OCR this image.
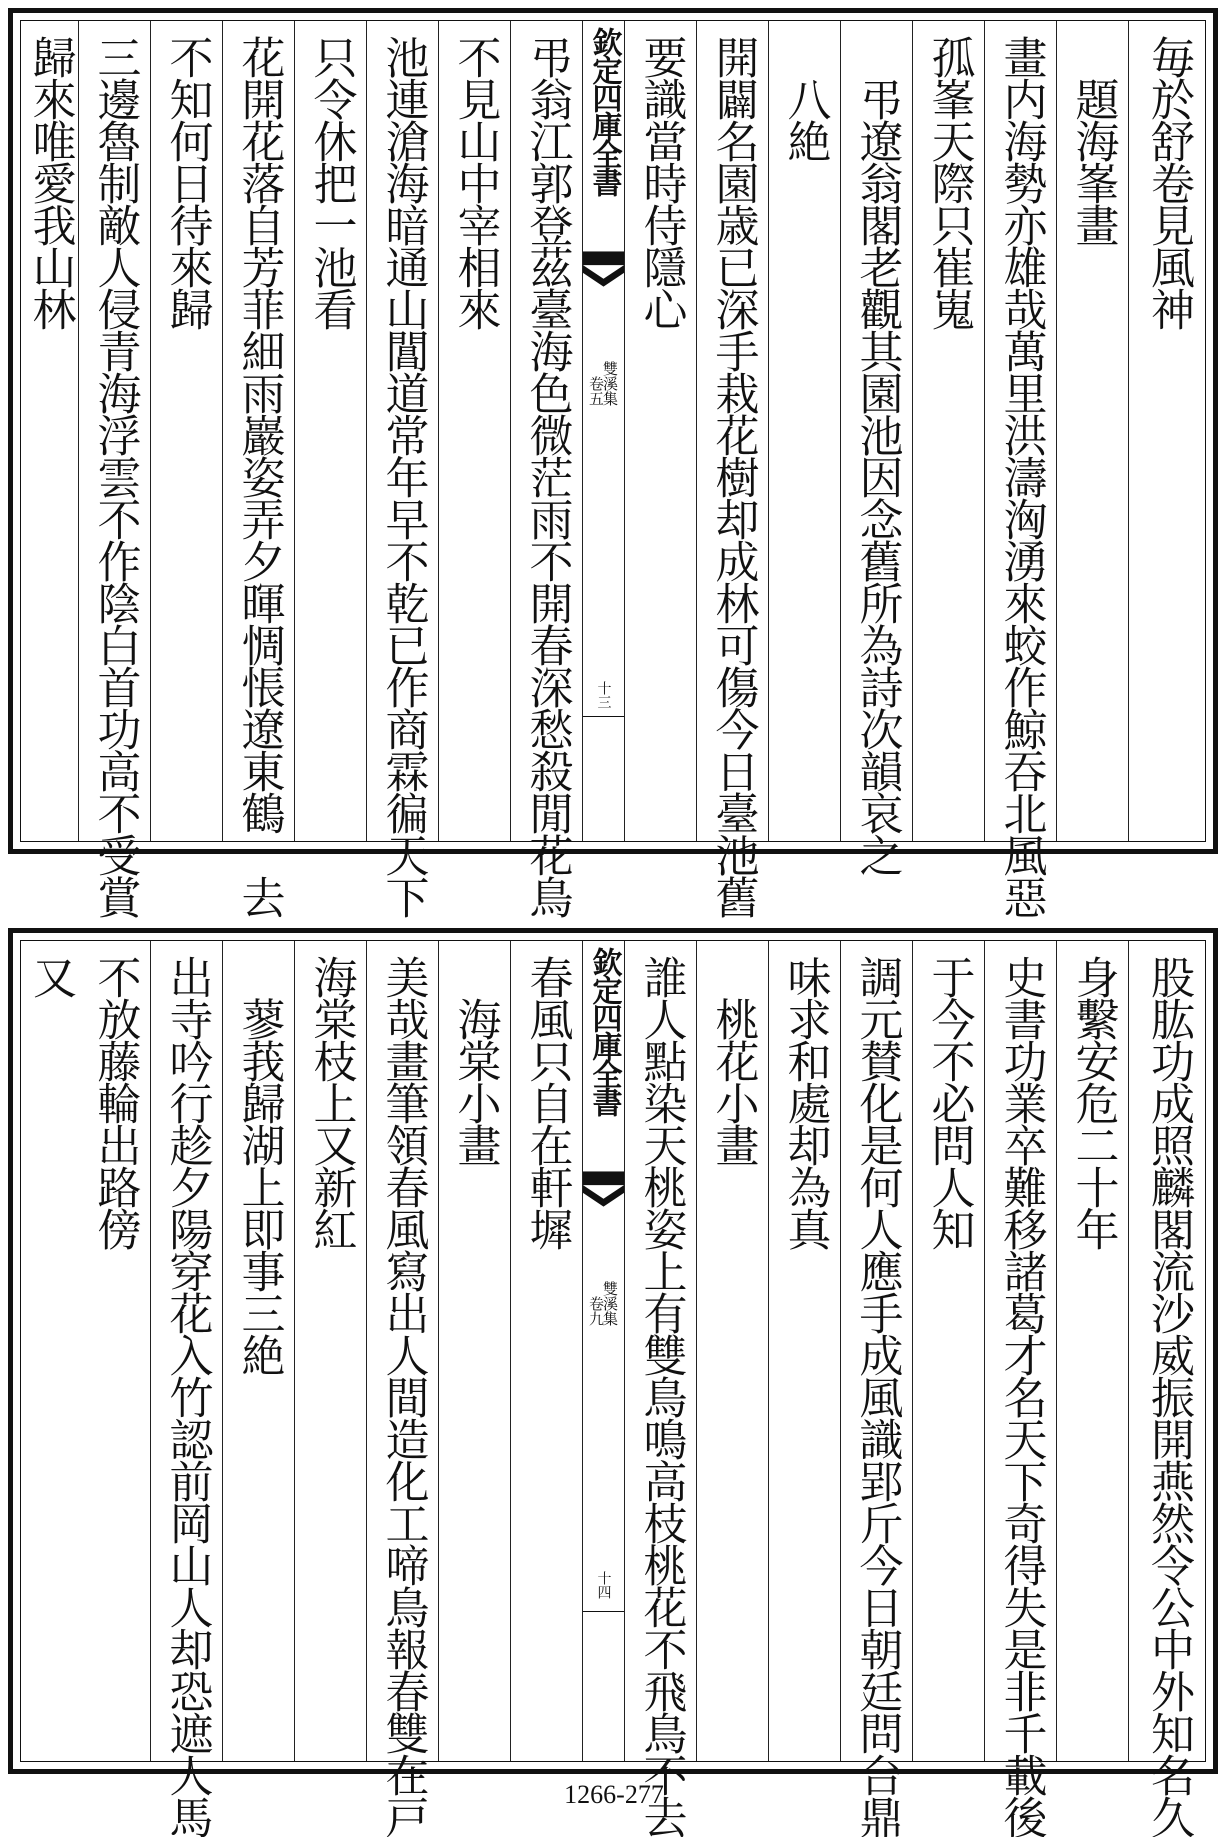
毎於舒卷見風神
　題海峯畫
畫内海勢亦雄哉萬里洪濤洶湧來蛟作鯨吞北風惡
孤峯天際只崔嵬
　弔遼翁閣老觀其園池因念舊所為詩次韻哀之
　八絶
開闢名園歳已深手栽花樹却成林可傷今日臺池舊
要識當時侍隱心
欽定四庫全書
雙溪集
卷五
十三
弔翁江郭登茲臺海色微茫雨不開春深愁殺閒花鳥
不見山中宰相來
池連滄海暗通山閶道常年早不乾已作商霖徧天下
只令休把一池看
花開花落自芳菲細雨巖姿弄夕暉惆悵遼東鶴一去
不知何日待來歸
三邊魯制敵人侵青海浮雲不作陰白首功高不受賞
歸來唯愛我山林
股肱功成照麟閣流沙威振開燕然令公中外知名久
身繫安危二十年
史書功業卒難移諸葛才名天下奇得失是非千載後
于今不必問人知
調元賛化是何人應手成風識郢斤今日朝廷問台鼎
味求和處却為真
　桃花小畫
誰人點染天桃姿上有雙鳥鳴高枝桃花不飛鳥不去
欽定四庫全書
雙溪集
卷九
十四
春風只自在軒墀
　海棠小畫
美哉畫筆領春風寫出人間造化工啼鳥報春雙在戸
海棠枝上又新紅
　蓼莪歸湖上即事三絶
出寺吟行趁夕陽穿花入竹認前岡山人却恐遮人馬
不放藤輪出路傍
又
1266-277
